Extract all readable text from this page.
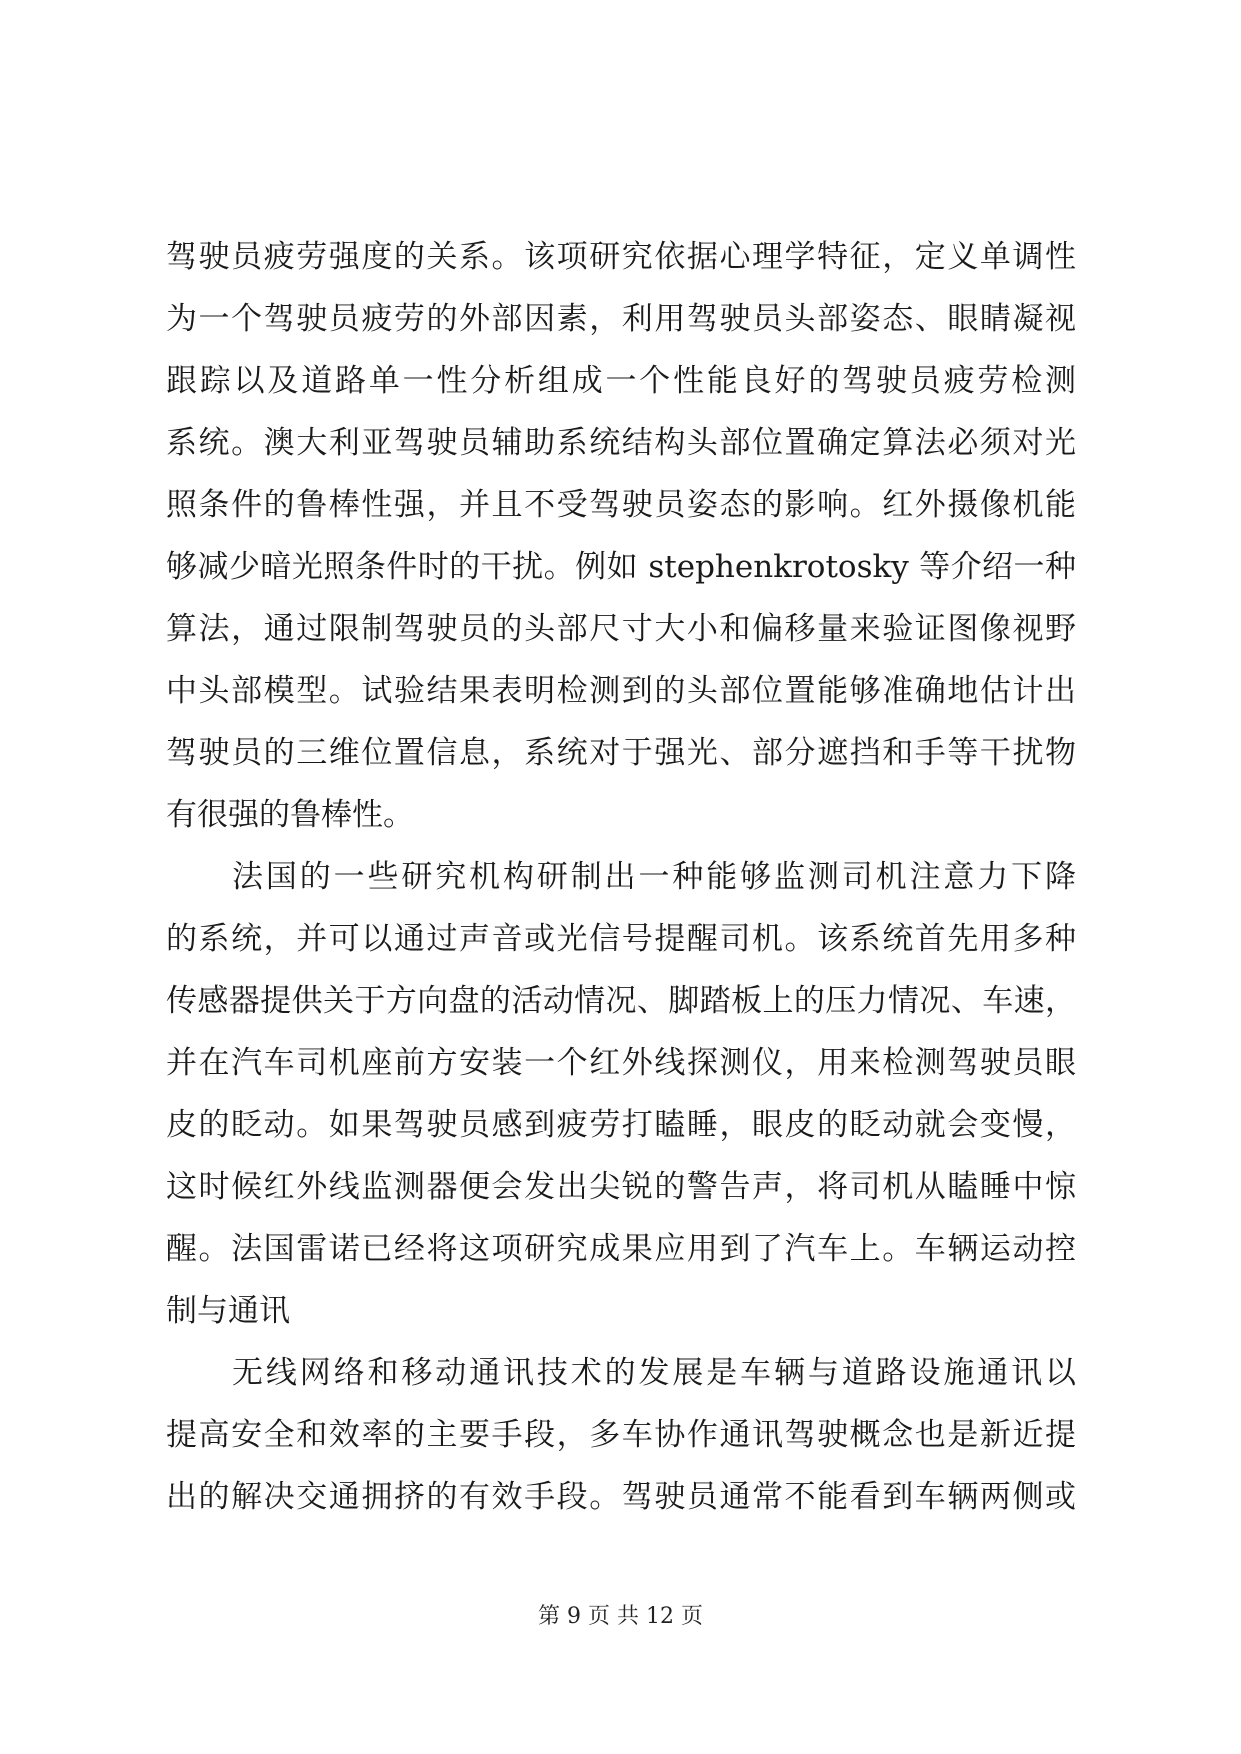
驾驶员疲劳强度的关系。该项研究依据心理学特征，定义单调性
为一个驾驶员疲劳的外部因素，利用驾驶员头部姿态、眼睛凝视
跟踪以及道路单一性分析组成一个性能良好的驾驶员疲劳检测
系统。澳大利亚驾驶员辅助系统结构头部位置确定算法必须对光
照条件的鲁棒性强，并且不受驾驶员姿态的影响。红外摄像机能
够减少暗光照条件时的干扰。例如 stephenkrotosky 等介绍一种
算法，通过限制驾驶员的头部尺寸大小和偏移量来验证图像视野
中头部模型。试验结果表明检测到的头部位置能够准确地估计出
驾驶员的三维位置信息，系统对于强光、部分遮挡和手等干扰物
有很强的鲁棒性。
法国的一些研究机构研制出一种能够监测司机注意力下降
的系统，并可以通过声音或光信号提醒司机。该系统首先用多种
传感器提供关于方向盘的活动情况、脚踏板上的压力情况、车速，
并在汽车司机座前方安装一个红外线探测仪，用来检测驾驶员眼
皮的眨动。如果驾驶员感到疲劳打瞌睡，眼皮的眨动就会变慢，
这时候红外线监测器便会发出尖锐的警告声，将司机从瞌睡中惊
醒。法国雷诺已经将这项研究成果应用到了汽车上。车辆运动控
制与通讯
无线网络和移动通讯技术的发展是车辆与道路设施通讯以
提高安全和效率的主要手段，多车协作通讯驾驶概念也是新近提
出的解决交通拥挤的有效手段。驾驶员通常不能看到车辆两侧或
第 9 页 共 12 页
